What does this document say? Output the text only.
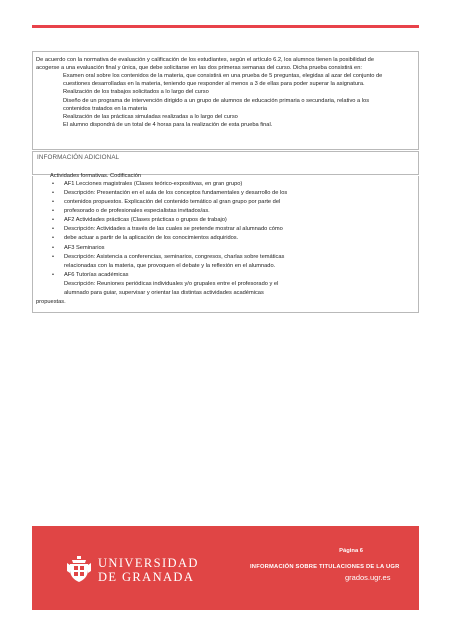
De acuerdo con la normativa de evaluación y calificación de los estudiantes, según el artículo 6.2, los alumnos tienen la posibilidad de
acogerse a una evaluación final y única, que debe solicitarse en las dos primeras semanas del curso. Dicha prueba consistirá en:
Examen oral sobre los contenidos de la materia, que consistirá en una prueba de 5 preguntas, elegidas al azar del conjunto de
cuestiones desarrolladas en la materia, teniendo que responder al menos a 3 de ellas para poder superar la asignatura.
Realización de los trabajos solicitados a lo largo del curso
Diseño de un programa de intervención dirigido a un grupo de alumnos de educación primaria o secundaria, relativo a los
contenidos tratados en la materia
Realización de las prácticas simuladas realizadas a lo largo del curso
El alumno dispondrá de un total de 4 horas para la realización de esta prueba final.
INFORMACIÓN ADICIONAL
Actividades formativas. Codificación
• AF1 Lecciones magistrales (Clases teórico-expositivas, en gran grupo)
• Descripción: Presentación en el aula de los conceptos fundamentales y desarrollo de los
• contenidos propuestos. Explicación del contenido temático al gran grupo por parte del
• profesorado o de profesionales especialistas invitados/as.
• AF2 Actividades prácticas (Clases prácticas o grupos de trabajo)
• Descripción: Actividades a través de las cuales se pretende mostrar al alumnado cómo
• debe actuar a partir de la aplicación de los conocimientos adquiridos.
• AF3 Seminarios
• Descripción: Asistencia a conferencias, seminarios, congresos, charlas sobre temáticas
relacionadas con la materia, que provoquen el debate y la reflexión en el alumnado.
• AF6 Tutorías académicas
Descripción: Reuniones periódicas individuales y/o grupales entre el profesorado y el
alumnado para guiar, supervisar y orientar las distintas actividades académicas
propuestas.
UNIVERSIDAD
DE GRANADA
Página 6
INFORMACIÓN SOBRE TITULACIONES DE LA UGR
grados.ugr.es
